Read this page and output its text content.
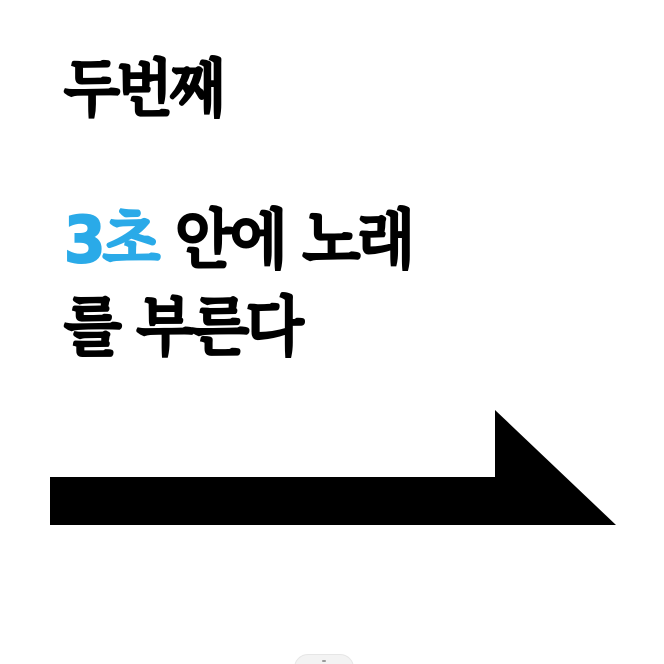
두번째
3초 안에 노래
를 부른다
